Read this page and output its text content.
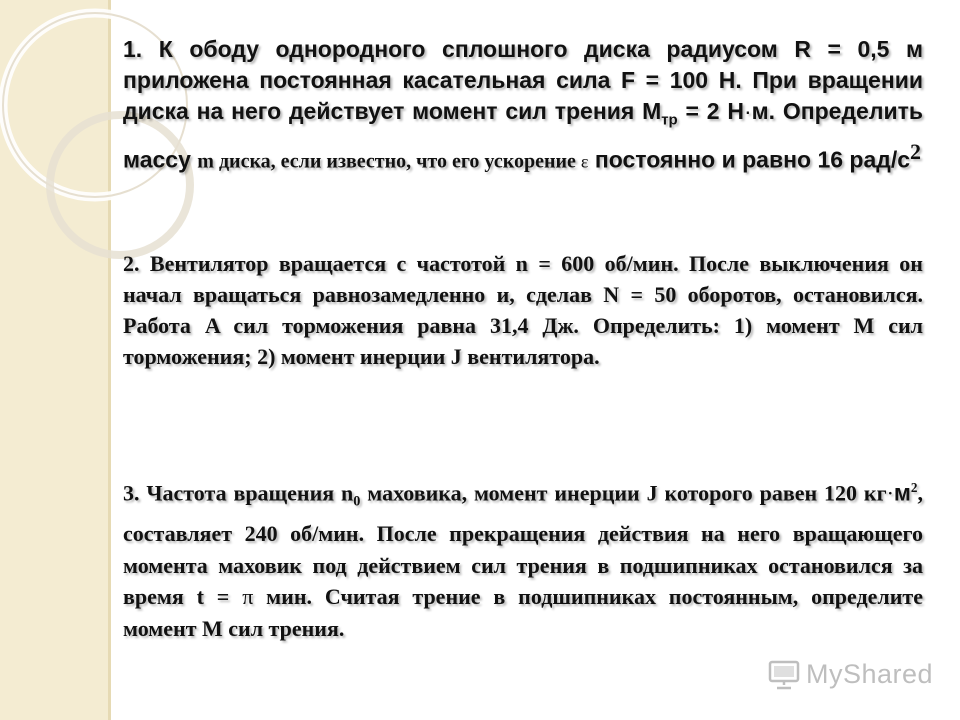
1. К ободу однородного сплошного диска радиусом R = 0,5 м приложена постоянная касательная сила F = 100 Н. При вращении диска на него действует момент сил трения $M_{тр} = 2$ Н·м. Определить массу m диска, если известно, что его ускорение ε постоянно и равно 16 рад/$с^2$

2. Вентилятор вращается с частотой n = 600 об/мин. После выключения он начал вращаться равнозамедленно и, сделав N = 50 оборотов, остановился. Работа A сил торможения равна 31,4 Дж. Определить: 1) момент M сил торможения; 2) момент инерции J вентилятора.

3. Частота вращения $n_0$ маховика, момент инерции J которого равен 120 $кг\cdot м^2$, составляет 240 об/мин. После прекращения действия на него вращающего момента маховик под действием сил трения в подшипниках остановился за время t = π мин. Считая трение в подшипниках постоянным, определите момент M сил трения.

MyShared
